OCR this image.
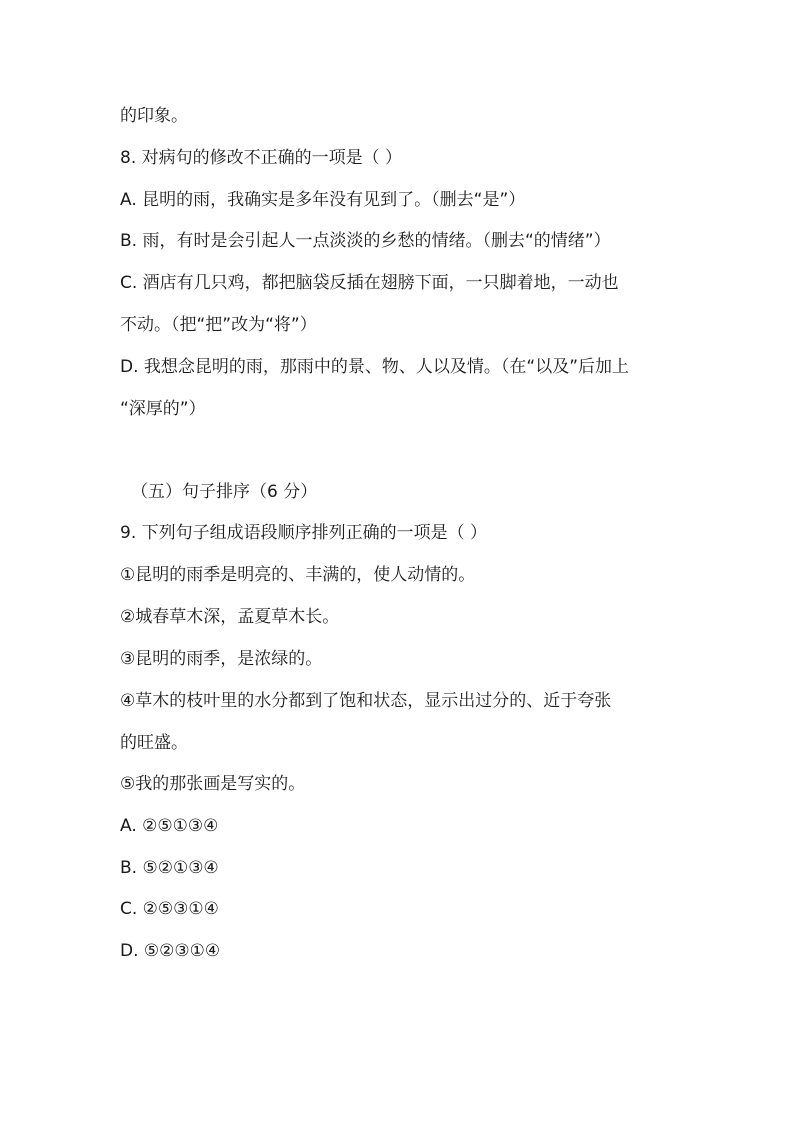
的印象。
8. 对病句的修改不正确的一项是（ ）
A. 昆明的雨，我确实是多年没有见到了。（删去“是”）
B. 雨，有时是会引起人一点淡淡的乡愁的情绪。（删去“的情绪”）
C. 酒店有几只鸡，都把脑袋反插在翅膀下面，一只脚着地，一动也
不动。（把“把”改为“将”）
D. 我想念昆明的雨，那雨中的景、物、人以及情。（在“以及”后加上
“深厚的”）
（五）句子排序（6 分）
9. 下列句子组成语段顺序排列正确的一项是（ ）
①昆明的雨季是明亮的、丰满的，使人动情的。
②城春草木深，孟夏草木长。
③昆明的雨季，是浓绿的。
④草木的枝叶里的水分都到了饱和状态，显示出过分的、近于夸张
的旺盛。
⑤我的那张画是写实的。
A. ②⑤①③④
B. ⑤②①③④
C. ②⑤③①④
D. ⑤②③①④
